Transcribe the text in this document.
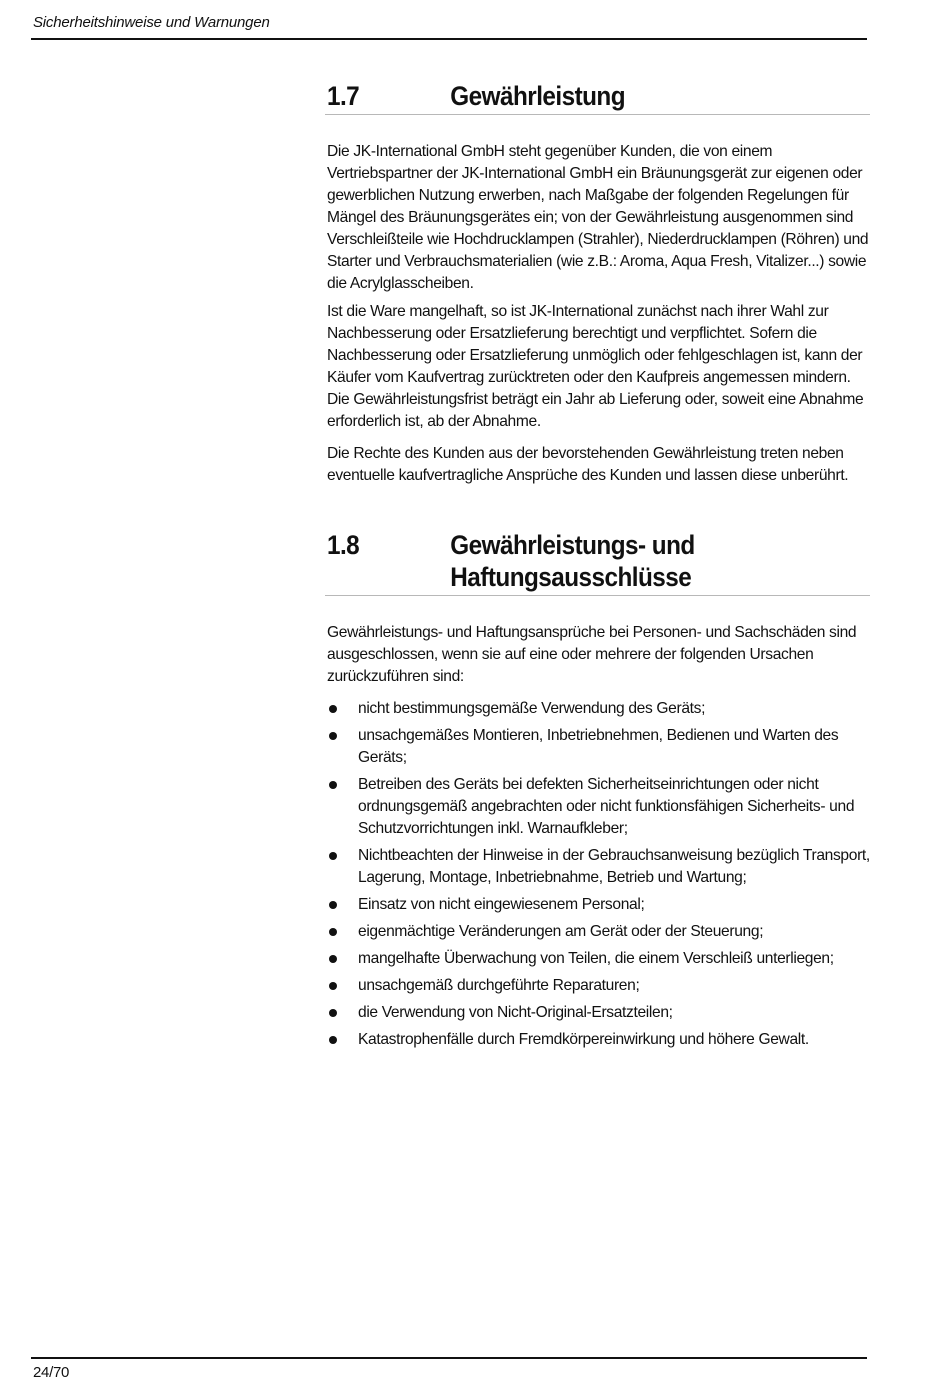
Sicherheitshinweise und Warnungen
1.7	Gewährleistung

Die JK-International GmbH steht gegenüber Kunden, die von einem Vertriebspartner der JK-International GmbH ein Bräunungsgerät zur eigenen oder gewerblichen Nutzung erwerben, nach Maßgabe der folgenden Regelungen für Mängel des Bräunungsgerätes ein; von der Gewährleistung ausgenommen sind Verschleißteile wie Hochdrucklampen (Strahler), Niederdrucklampen (Röhren) und Starter und Verbrauchsmaterialien (wie z.B.: Aroma, Aqua Fresh, Vitalizer...) sowie die Acrylglasscheiben.

Ist die Ware mangelhaft, so ist JK-International zunächst nach ihrer Wahl zur Nachbesserung oder Ersatzlieferung berechtigt und verpflichtet. Sofern die Nachbesserung oder Ersatzlieferung unmöglich oder fehlgeschlagen ist, kann der Käufer vom Kaufvertrag zurücktreten oder den Kaufpreis angemessen mindern. Die Gewährleistungsfrist beträgt ein Jahr ab Lieferung oder, soweit eine Abnahme erforderlich ist, ab der Abnahme.

Die Rechte des Kunden aus der bevorstehenden Gewährleistung treten neben eventuelle kaufvertragliche Ansprüche des Kunden und lassen diese unberührt.

1.8	Gewährleistungs- und Haftungsausschlüsse

Gewährleistungs- und Haftungsansprüche bei Personen- und Sachschäden sind ausgeschlossen, wenn sie auf eine oder mehrere der folgenden Ursachen zurückzuführen sind:

nicht bestimmungsgemäße Verwendung des Geräts;
unsachgemäßes Montieren, Inbetriebnehmen, Bedienen und Warten des Geräts;
Betreiben des Geräts bei defekten Sicherheitseinrichtungen oder nicht ordnungsgemäß angebrachten oder nicht funktionsfähigen Sicherheits- und Schutzvorrichtungen inkl. Warnaufkleber;
Nichtbeachten der Hinweise in der Gebrauchsanweisung bezüglich Transport, Lagerung, Montage, Inbetriebnahme, Betrieb und Wartung;
Einsatz von nicht eingewiesenem Personal;
eigenmächtige Veränderungen am Gerät oder der Steuerung;
mangelhafte Überwachung von Teilen, die einem Verschleiß unterliegen;
unsachgemäß durchgeführte Reparaturen;
die Verwendung von Nicht-Original-Ersatzteilen;
Katastrophenfälle durch Fremdkörpereinwirkung und höhere Gewalt.
24/70
